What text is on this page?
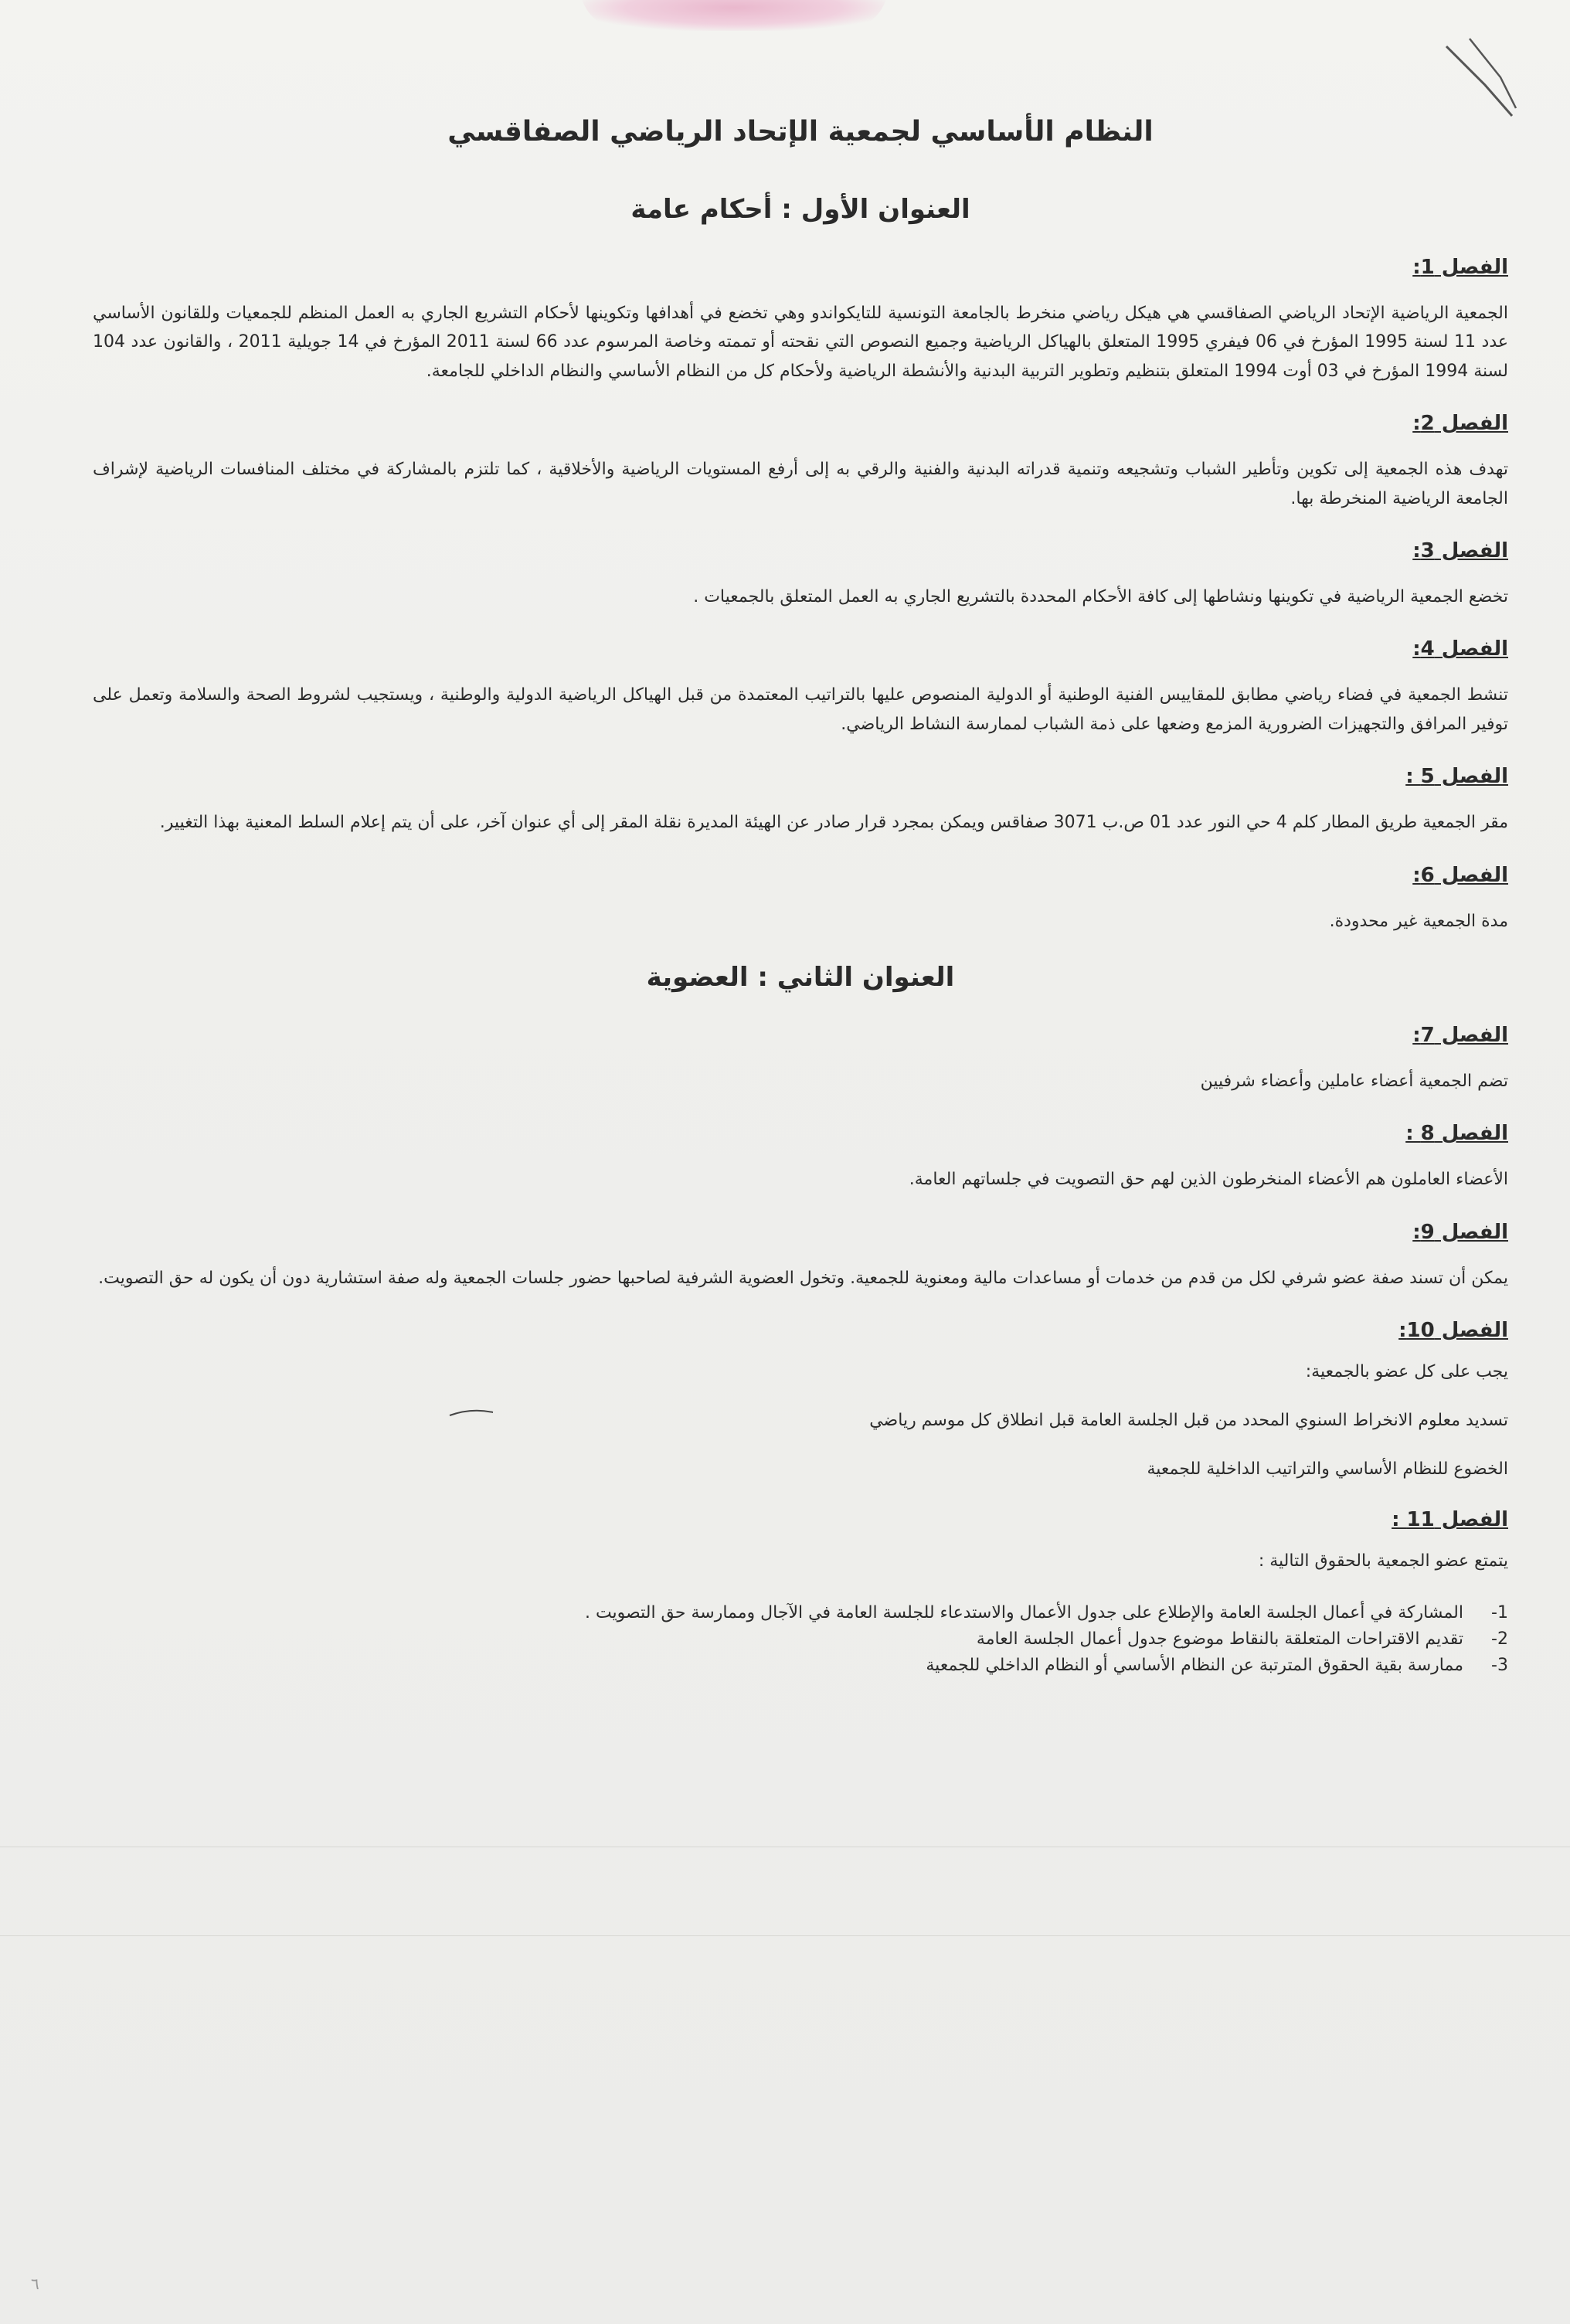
النظام الأساسي لجمعية الإتحاد الرياضي الصفاقسي
العنوان الأول : أحكام عامة
الفصل 1:

الجمعية الرياضية الإتحاد الرياضي الصفاقسي هي هيكل رياضي منخرط بالجامعة التونسية للتايكواندو وهي تخضع في أهدافها وتكوينها لأحكام التشريع الجاري به العمل المنظم للجمعيات وللقانون الأساسي عدد 11 لسنة 1995 المؤرخ في 06 فيفري 1995 المتعلق بالهياكل الرياضية وجميع النصوص التي نقحته أو تممته وخاصة المرسوم عدد 66 لسنة 2011 المؤرخ في 14 جويلية 2011 ، والقانون عدد 104 لسنة 1994 المؤرخ في 03 أوت 1994 المتعلق بتنظيم وتطوير التربية البدنية والأنشطة الرياضية ولأحكام كل من النظام الأساسي والنظام الداخلي للجامعة.

الفصل 2:

تهدف هذه الجمعية إلى تكوين وتأطير الشباب وتشجيعه وتنمية قدراته البدنية والفنية والرقي به إلى أرفع المستويات الرياضية والأخلاقية ، كما تلتزم بالمشاركة في مختلف المنافسات الرياضية لإشراف الجامعة الرياضية المنخرطة بها.

الفصل 3:

تخضع الجمعية الرياضية في تكوينها ونشاطها إلى كافة الأحكام المحددة بالتشريع الجاري به العمل المتعلق بالجمعيات .

الفصل 4:

تنشط الجمعية في فضاء رياضي مطابق للمقاييس الفنية الوطنية أو الدولية المنصوص عليها بالتراتيب المعتمدة من قبل الهياكل الرياضية الدولية والوطنية ، ويستجيب لشروط الصحة والسلامة وتعمل على توفير المرافق والتجهيزات الضرورية المزمع وضعها على ذمة الشباب لممارسة النشاط الرياضي.

الفصل 5 :

مقر الجمعية طريق المطار كلم 4 حي النور عدد 01 ص.ب 3071 صفاقس ويمكن بمجرد قرار صادر عن الهيئة المديرة نقلة المقر إلى أي عنوان آخر، على أن يتم إعلام السلط المعنية بهذا التغيير.

الفصل 6:

مدة الجمعية غير محدودة.

العنوان الثاني : العضوية
الفصل 7:

تضم الجمعية أعضاء عاملين وأعضاء شرفيين

الفصل 8 :

الأعضاء العاملون هم الأعضاء المنخرطون الذين لهم حق التصويت في جلساتهم العامة.

الفصل 9:

يمكن أن تسند صفة عضو شرفي لكل من قدم من خدمات أو مساعدات مالية ومعنوية للجمعية. وتخول العضوية الشرفية لصاحبها حضور جلسات الجمعية وله صفة استشارية دون أن يكون له حق التصويت.

الفصل 10:

يجب على كل عضو بالجمعية:

تسديد معلوم الانخراط السنوي المحدد من قبل الجلسة العامة قبل انطلاق كل موسم رياضي

الخضوع للنظام الأساسي والتراتيب الداخلية للجمعية

الفصل 11 :

يتمتع عضو الجمعية بالحقوق التالية :

1-
المشاركة في أعمال الجلسة العامة والإطلاع على جدول الأعمال والاستدعاء للجلسة العامة في الآجال وممارسة حق التصويت .
2-
تقديم الاقتراحات المتعلقة بالنقاط موضوع جدول أعمال الجلسة العامة
3-
ممارسة بقية الحقوق المترتبة عن النظام الأساسي أو النظام الداخلي للجمعية
٦
